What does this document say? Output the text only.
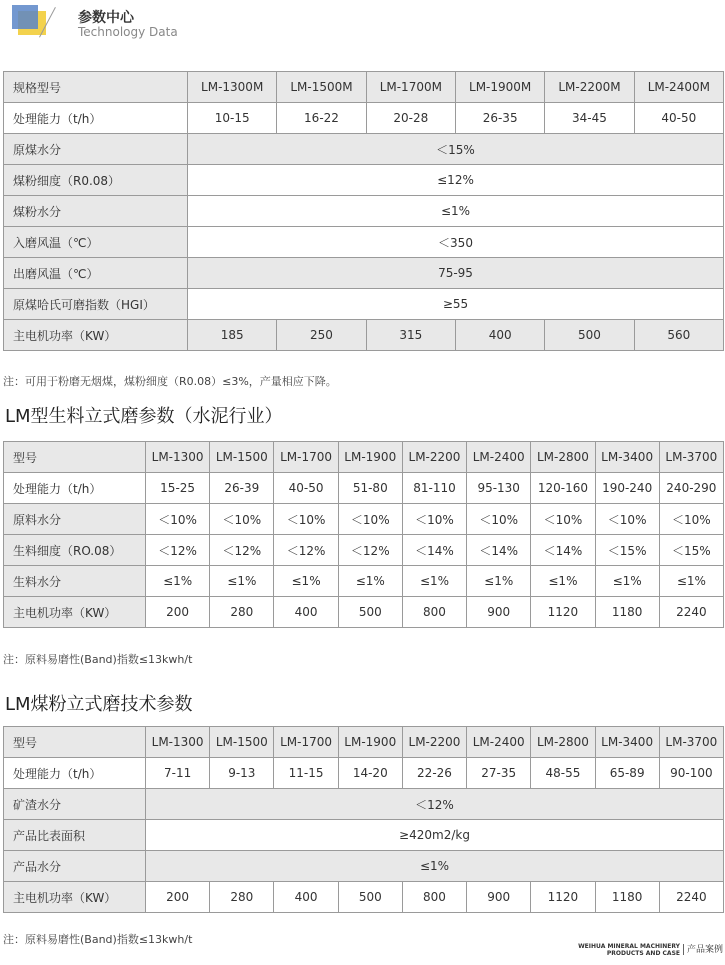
参数中心
Technology Data
规格型号	LM-1300M	LM-1500M	LM-1700M	LM-1900M	LM-2200M	LM-2400M
处理能力（t/h）	10-15	16-22	20-28	26-35	34-45	40-50
原煤水分	＜15%					
煤粉细度（R0.08）	≤12%					
煤粉水分	≤1%					
入磨风温（℃）	＜350					
出磨风温（℃）	75-95					
原煤哈氏可磨指数（HGI）	≥55					
主电机功率（KW）	185	250	315	400	500	560
注：可用于粉磨无烟煤，煤粉细度（R0.08）≤3%，产量相应下降。
LM型生料立式磨参数（水泥行业）
型号	LM-1300	LM-1500	LM-1700	LM-1900	LM-2200	LM-2400	LM-2800	LM-3400	LM-3700
处理能力（t/h）	15-25	26-39	40-50	51-80	81-110	95-130	120-160	190-240	240-290
原料水分	＜10%	＜10%	＜10%	＜10%	＜10%	＜10%	＜10%	＜10%	＜10%
生料细度（RO.08）	＜12%	＜12%	＜12%	＜12%	＜14%	＜14%	＜14%	＜15%	＜15%
生料水分	≤1%	≤1%	≤1%	≤1%	≤1%	≤1%	≤1%	≤1%	≤1%
主电机功率（KW）	200	280	400	500	800	900	1120	1180	2240
注：原料易磨性(Band)指数≤13kwh/t
LM煤粉立式磨技术参数
型号	LM-1300	LM-1500	LM-1700	LM-1900	LM-2200	LM-2400	LM-2800	LM-3400	LM-3700
处理能力（t/h）	7-11	9-13	11-15	14-20	22-26	27-35	48-55	65-89	90-100
矿渣水分	＜12%								
产品比表面积	≥420m2/kg								
产品水分	≤1%								
主电机功率（KW）	200	280	400	500	800	900	1120	1180	2240
注：原料易磨性(Band)指数≤13kwh/t	WEIHUA MINERAL MACHINERY
PRODUCTS AND CASE 产品案例
